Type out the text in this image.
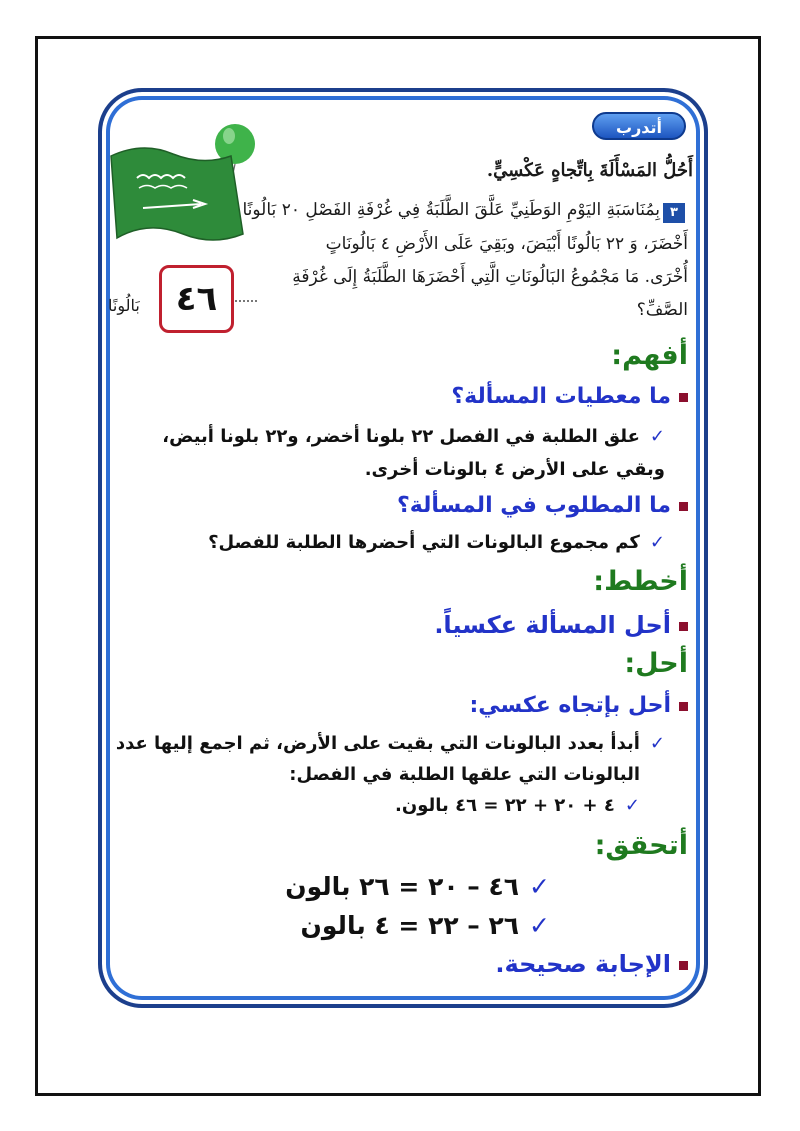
أتدرب
أَحُلُّ المَسْأَلَةَ بِاتِّجاهٍ عَكْسِيٍّ.
٣
بِمُنَاسَبَةِ اليَوْمِ الوَطَنِيِّ عَلَّقَ الطَّلَبَةُ فِي غُرْفَةِ الفَصْلِ ٢٠ بَالُونًا
أَخْضَرَ، وَ ٢٢ بَالُونًا أَبْيَضَ، وبَقِيَ عَلَى الأَرْضِ ٤ بَالُونَاتٍ
أُخْرَى. مَا مَجْمُوعُ البَالُونَاتِ الَّتِي أَحْضَرَهَا الطَّلَبَةُ إِلَى غُرْفَةِ
الصَّفِّ؟
بَالُونًا	٤٦
أفهم:
ما معطيات المسألة؟
✓علق الطلبة في الفصل ٢٢ بلونا أخضر، و٢٢ بلونا أبيض،
وبقي على الأرض ٤ بالونات أخرى.
ما المطلوب في المسألة؟
✓كم مجموع البالونات التي أحضرها الطلبة للفصل؟
أخطط:
أحل المسألة عكسياً.
أحل:
أحل بإتجاه عكسي:
✓أبدأ بعدد البالونات التي بقيت على الأرض، ثم اجمع إليها عدد
البالونات التي علقها الطلبة في الفصل:
✓٤ + ٢٠ + ٢٢ = ٤٦ بالون.
أتحقق:
✓٤٦ – ٢٠ = ٢٦ بالون
✓٢٦ – ٢٢ = ٤ بالون
الإجابة صحيحة.
